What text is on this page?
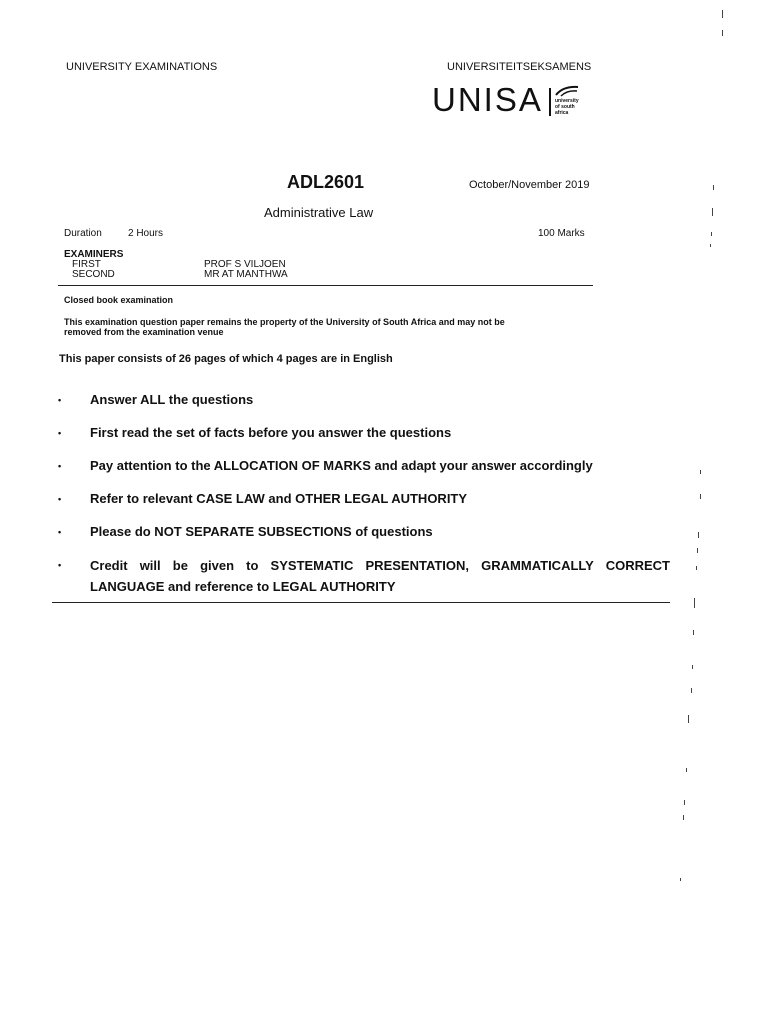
UNIVERSITY EXAMINATIONS	UNIVERSITEITSEKSAMENS
UNISA university
of south africa
ADL2601	October/November 2019
Administrative Law
Duration	2 Hours	100 Marks
EXAMINERS
FIRST	PROF S VILJOEN
SECOND	MR AT MANTHWA
Closed book examination
This examination question paper remains the property of the University of South Africa and may not be
removed from the examination venue
This paper consists of 26 pages of which 4 pages are in English
• Answer ALL the questions
• First read the set of facts before you answer the questions
• Pay attention to the ALLOCATION OF MARKS and adapt your answer accordingly
• Refer to relevant CASE LAW and OTHER LEGAL AUTHORITY
• Please do NOT SEPARATE SUBSECTIONS of questions
• Credit will be given to SYSTEMATIC PRESENTATION, GRAMMATICALLY CORRECT LANGUAGE and reference to LEGAL AUTHORITY
